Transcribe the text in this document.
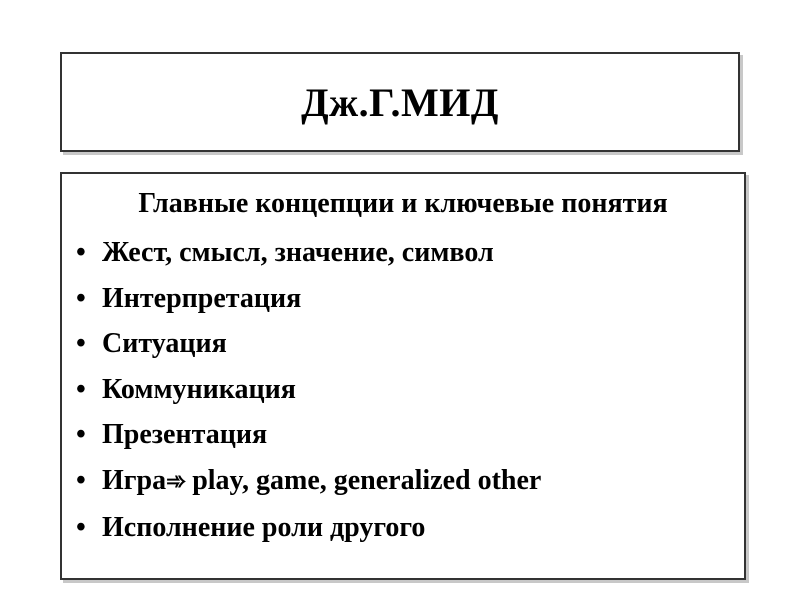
Дж.Г.МИД
Главные концепции и ключевые понятия
• Жест, смысл, значение, символ
• Интерпретация
• Ситуация
• Коммуникация
• Презентация
• Игра ➾ play, game, generalized other
• Исполнение роли другого
